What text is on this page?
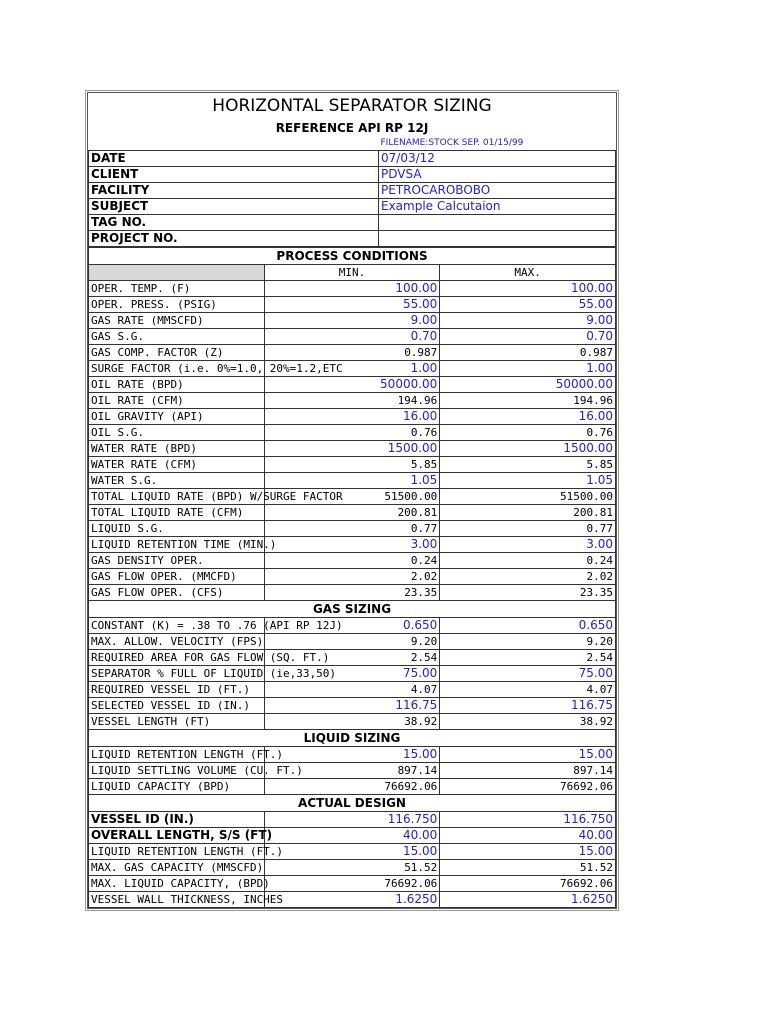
HORIZONTAL SEPARATOR SIZING
REFERENCE API RP 12J
	FILENAME:STOCK SEP. 01/15/99
DATE	07/03/12
CLIENT	PDVSA
FACILITY	PETROCAROBOBO
SUBJECT	Example Calcutaion
TAG NO.	
PROJECT NO.	
PROCESS CONDITIONS		
	MIN.	MAX.
OPER. TEMP. (F)	100.00	100.00
OPER. PRESS. (PSIG)	55.00	55.00
GAS RATE (MMSCFD)	9.00	9.00
GAS S.G.	0.70	0.70
GAS COMP. FACTOR (Z)	0.987	0.987
SURGE FACTOR (i.e. 0%=1.0, 20%=1.2,ETC	1.00	1.00
OIL RATE (BPD)	50000.00	50000.00
OIL RATE (CFM)	194.96	194.96
OIL GRAVITY (API)	16.00	16.00
OIL S.G.	0.76	0.76
WATER RATE (BPD)	1500.00	1500.00
WATER RATE (CFM)	5.85	5.85
WATER S.G.	1.05	1.05
TOTAL LIQUID RATE (BPD) W/SURGE FACTOR	51500.00	51500.00
TOTAL LIQUID RATE (CFM)	200.81	200.81
LIQUID S.G.	0.77	0.77
LIQUID RETENTION TIME (MIN.)	3.00	3.00
GAS DENSITY OPER.	0.24	0.24
GAS FLOW OPER. (MMCFD)	2.02	2.02
GAS FLOW OPER. (CFS)	23.35	23.35
GAS SIZING		
CONSTANT (K) = .38 TO .76 (API RP 12J)	0.650	0.650
MAX. ALLOW. VELOCITY (FPS)	9.20	9.20
REQUIRED AREA FOR GAS FLOW (SQ. FT.)	2.54	2.54
SEPARATOR % FULL OF LIQUID (ie,33,50)	75.00	75.00
REQUIRED VESSEL ID (FT.)	4.07	4.07
SELECTED VESSEL ID (IN.)	116.75	116.75
VESSEL LENGTH (FT)	38.92	38.92
LIQUID SIZING		
LIQUID RETENTION LENGTH (FT.)	15.00	15.00
LIQUID SETTLING VOLUME (CU. FT.)	897.14	897.14
LIQUID CAPACITY (BPD)	76692.06	76692.06
ACTUAL DESIGN		
VESSEL ID (IN.)	116.750	116.750
OVERALL LENGTH, S/S (FT)	40.00	40.00
LIQUID RETENTION LENGTH (FT.)	15.00	15.00
MAX. GAS CAPACITY (MMSCFD)	51.52	51.52
MAX. LIQUID CAPACITY, (BPD)	76692.06	76692.06
VESSEL WALL THICKNESS, INCHES	1.6250	1.6250
